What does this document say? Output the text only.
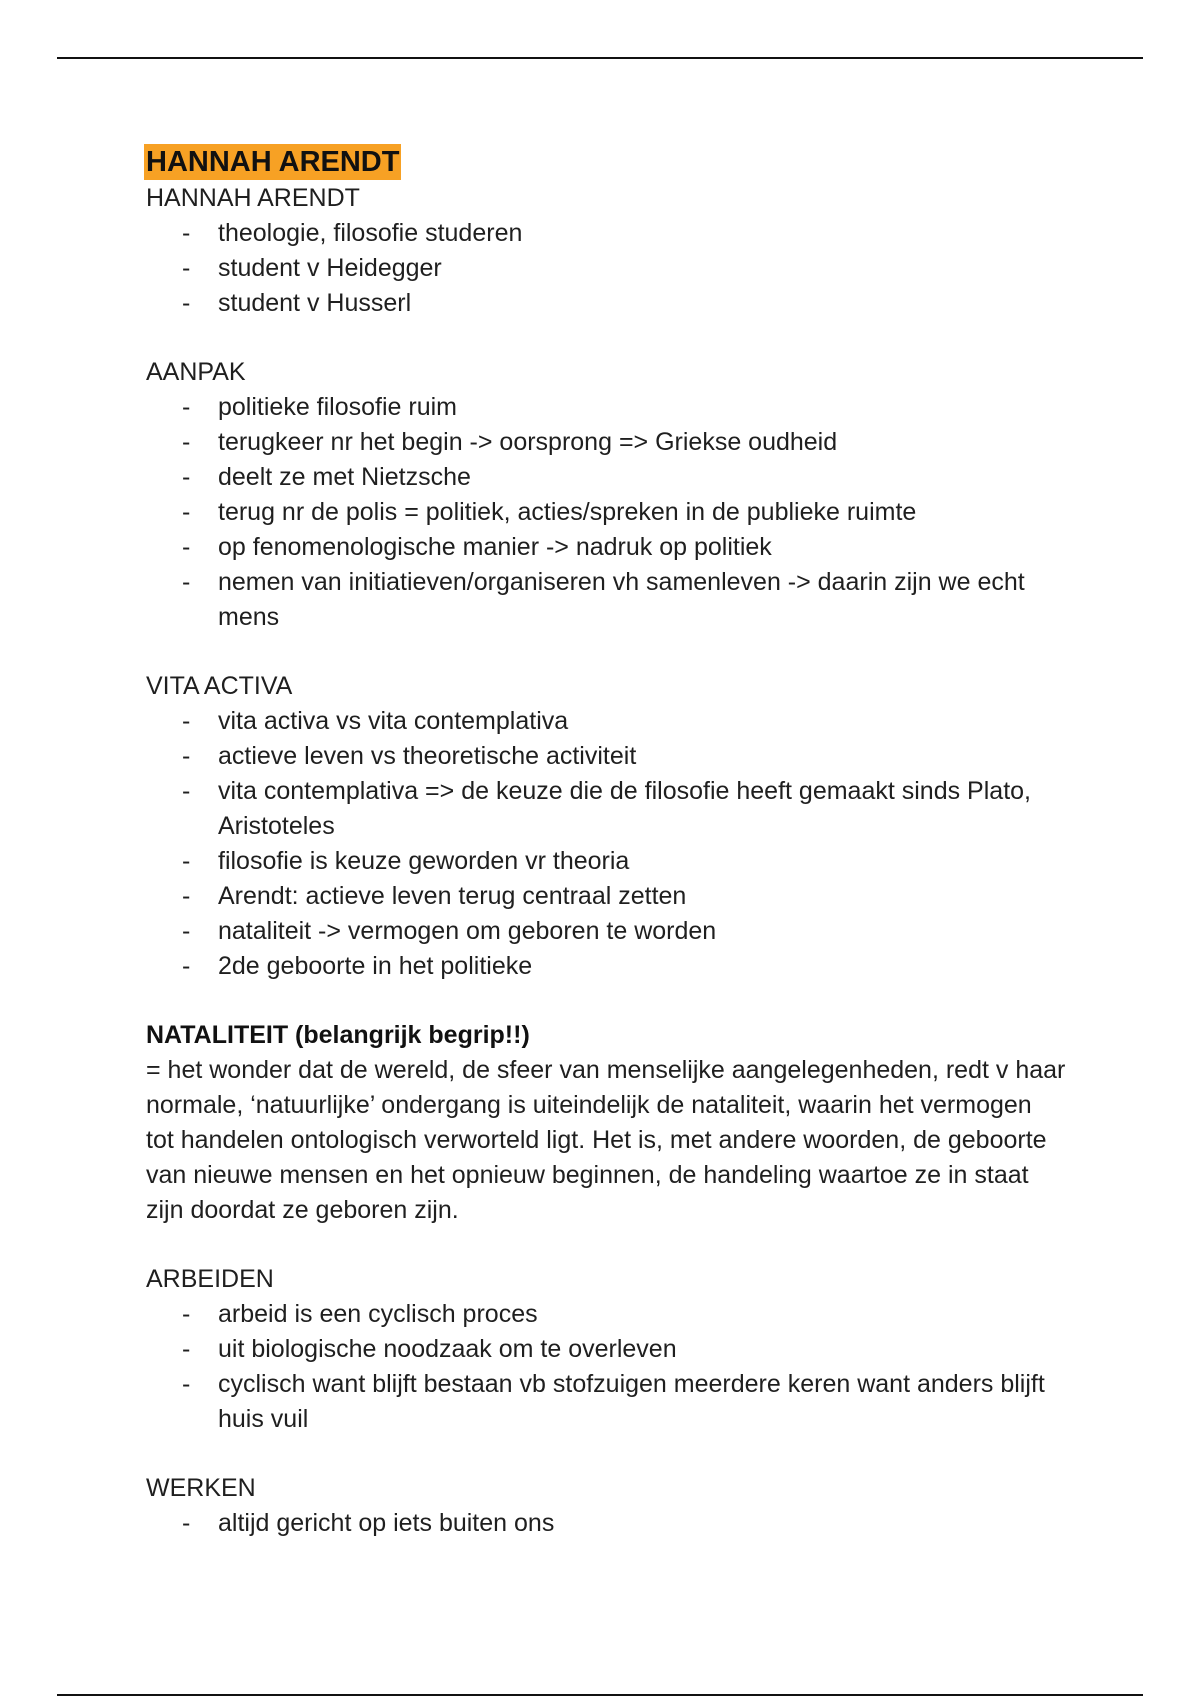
HANNAH ARENDT

HANNAH ARENDT

- theologie, filosofie studeren
- student v Heidegger
- student v Husserl

AANPAK

- politieke filosofie ruim
- terugkeer nr het begin -> oorsprong => Griekse oudheid
- deelt ze met Nietzsche
- terug nr de polis = politiek, acties/spreken in de publieke ruimte
- op fenomenologische manier -> nadruk op politiek
- nemen van initiatieven/organiseren vh samenleven -> daarin zijn we echt mens

VITA ACTIVA

- vita activa vs vita contemplativa
- actieve leven vs theoretische activiteit
- vita contemplativa => de keuze die de filosofie heeft gemaakt sinds Plato, Aristoteles
- filosofie is keuze geworden vr theoria
- Arendt: actieve leven terug centraal zetten
- nataliteit -> vermogen om geboren te worden
- 2de geboorte in het politieke

NATALITEIT (belangrijk begrip!!)

= het wonder dat de wereld, de sfeer van menselijke aangelegenheden, redt v haar normale, ‘natuurlijke’ ondergang is uiteindelijk de nataliteit, waarin het vermogen tot handelen ontologisch verworteld ligt. Het is, met andere woorden, de geboorte van nieuwe mensen en het opnieuw beginnen, de handeling waartoe ze in staat zijn doordat ze geboren zijn.

ARBEIDEN

- arbeid is een cyclisch proces
- uit biologische noodzaak om te overleven
- cyclisch want blijft bestaan vb stofzuigen meerdere keren want anders blijft huis vuil

WERKEN

- altijd gericht op iets buiten ons
